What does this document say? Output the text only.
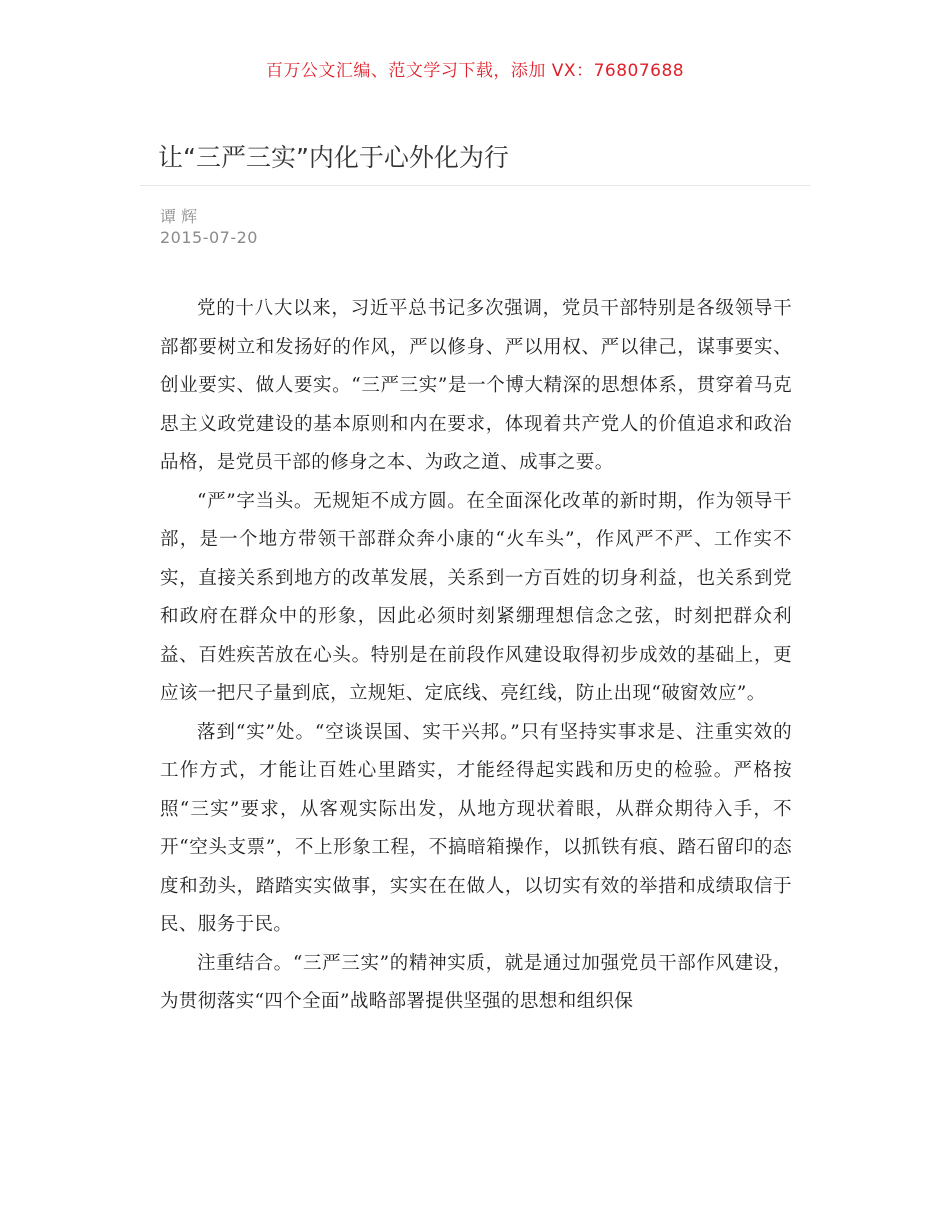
百万公文汇编、范文学习下载，添加 VX：76807688
让“三严三实”内化于心外化为行
谭 辉
2015-07-20

党的十八大以来，习近平总书记多次强调，党员干部特别是各级领导干部都要树立和发扬好的作风，严以修身、严以用权、严以律己，谋事要实、创业要实、做人要实。“三严三实”是一个博大精深的思想体系，贯穿着马克思主义政党建设的基本原则和内在要求，体现着共产党人的价值追求和政治品格，是党员干部的修身之本、为政之道、成事之要。

“严”字当头。无规矩不成方圆。在全面深化改革的新时期，作为领导干部，是一个地方带领干部群众奔小康的“火车头”，作风严不严、工作实不实，直接关系到地方的改革发展，关系到一方百姓的切身利益，也关系到党和政府在群众中的形象，因此必须时刻紧绷理想信念之弦，时刻把群众利益、百姓疾苦放在心头。特别是在前段作风建设取得初步成效的基础上，更应该一把尺子量到底，立规矩、定底线、亮红线，防止出现“破窗效应”。

落到“实”处。“空谈误国、实干兴邦。”只有坚持实事求是、注重实效的工作方式，才能让百姓心里踏实，才能经得起实践和历史的检验。严格按照“三实”要求，从客观实际出发，从地方现状着眼，从群众期待入手，不开“空头支票”，不上形象工程，不搞暗箱操作，以抓铁有痕、踏石留印的态度和劲头，踏踏实实做事，实实在在做人，以切实有效的举措和成绩取信于民、服务于民。

注重结合。“三严三实”的精神实质，就是通过加强党员干部作风建设，为贯彻落实“四个全面”战略部署提供坚强的思想和组织保
